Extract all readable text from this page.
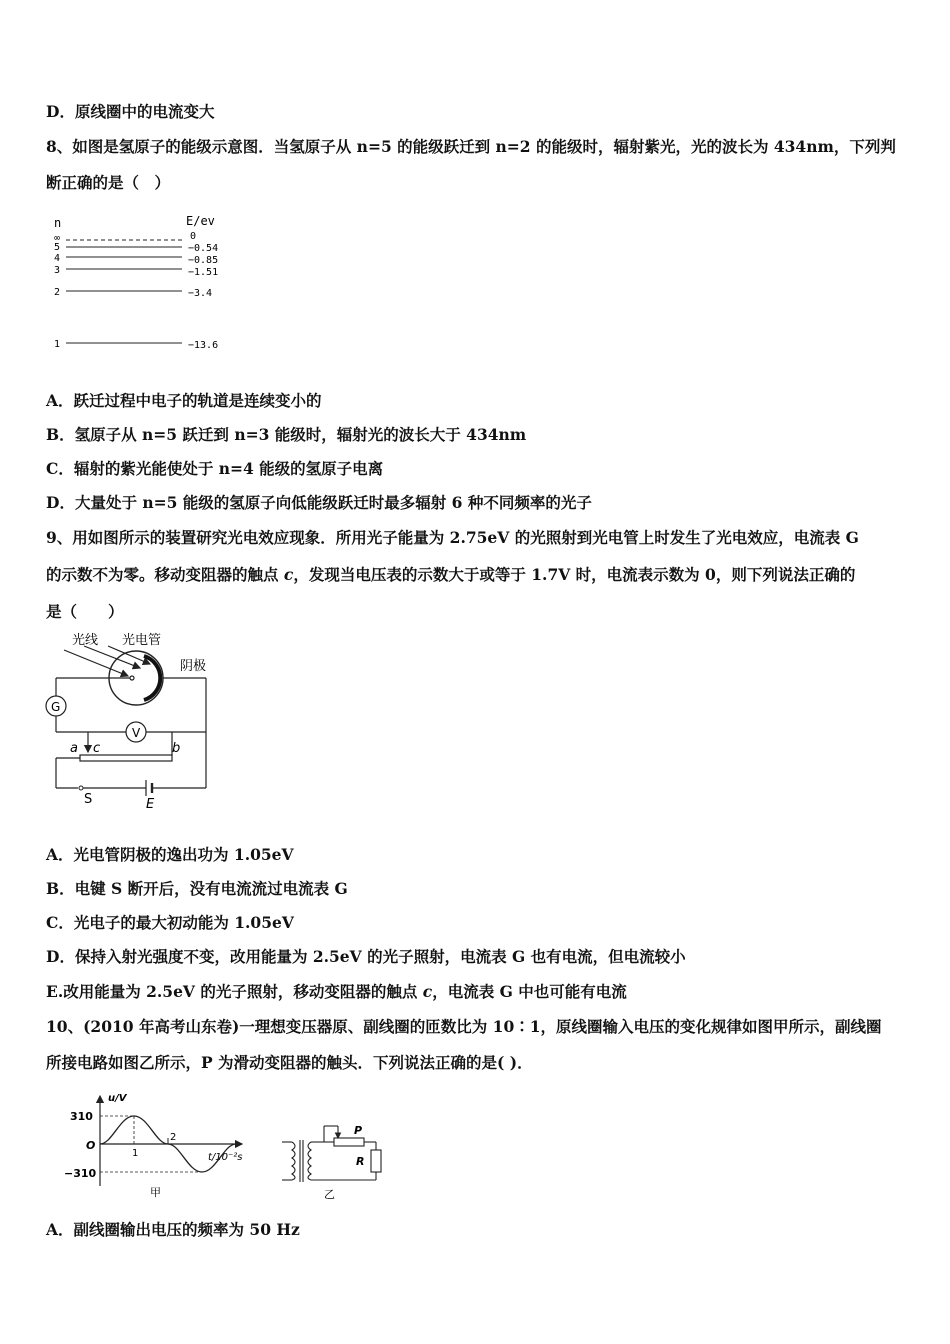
D．原线圈中的电流变大
8、如图是氢原子的能级示意图．当氢原子从 n=5 的能级跃迁到 n=2 的能级时，辐射紫光，光的波长为 434nm，下列判
断正确的是（　）
n	E/ev
∞	0
5	−0.54
4	−0.85
3	−1.51
2	−3.4
1	−13.6
A．跃迁过程中电子的轨道是连续变小的
B．氢原子从 n=5 跃迁到 n=3 能级时，辐射光的波长大于 434nm
C．辐射的紫光能使处于 n=4 能级的氢原子电离
D．大量处于 n=5 能级的氢原子向低能级跃迁时最多辐射 6 种不同频率的光子
9、用如图所示的装置研究光电效应现象．所用光子能量为 2.75eV 的光照射到光电管上时发生了光电效应，电流表 G
的示数不为零。移动变阻器的触点 c，发现当电压表的示数大于或等于 1.7V 时，电流表示数为 0，则下列说法正确的
是（　　）
光线 光电管
阴极
G
V
a c	b
S	E
A．光电管阴极的逸出功为 1.05eV
B．电键 S 断开后，没有电流流过电流表 G
C．光电子的最大初动能为 1.05eV
D．保持入射光强度不变，改用能量为 2.5eV 的光子照射，电流表 G 也有电流，但电流较小
E.改用能量为 2.5eV 的光子照射，移动变阻器的触点 c，电流表 G 中也可能有电流
10、(2010 年高考山东卷)一理想变压器原、副线圈的匝数比为 10∶1，原线圈输入电压的变化规律如图甲所示，副线圈
所接电路如图乙所示，P 为滑动变阻器的触头．下列说法正确的是( )．
u/V
310
O
−310
t/10⁻²s
1
2
甲
P
R
乙
A．副线圈输出电压的频率为 50 Hz
